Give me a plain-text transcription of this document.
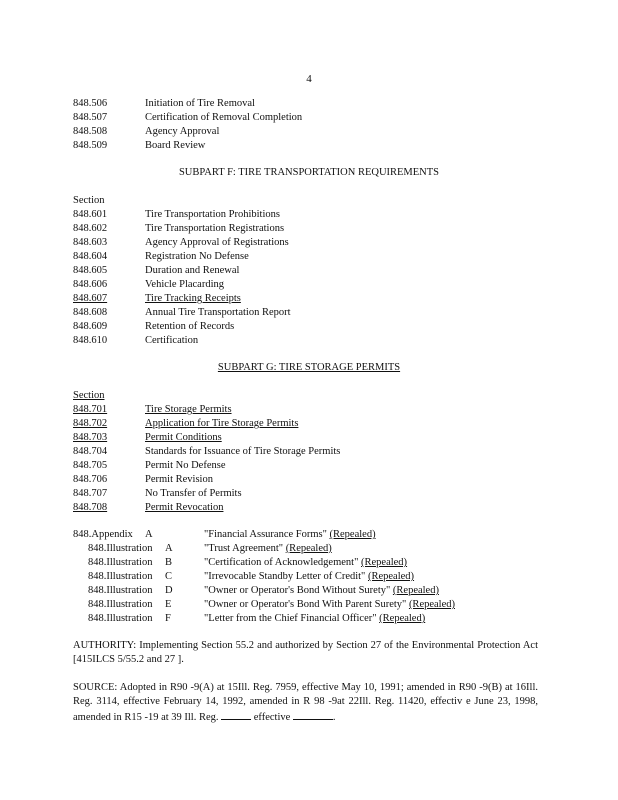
4
848.506	Initiation of Tire Removal
848.507	Certification of Removal Completion
848.508	Agency Approval
848.509	Board Review
SUBPART F: TIRE TRANSPORTATION REQUIREMENTS
Section
848.601	Tire Transportation Prohibitions
848.602	Tire Transportation Registrations
848.603	Agency Approval of Registrations
848.604	Registration No Defense
848.605	Duration and Renewal
848.606	Vehicle Placarding
848.607	Tire Tracking Receipts
848.608	Annual Tire Transportation Report
848.609	Retention of Records
848.610	Certification
SUBPART G: TIRE STORAGE PERMITS
Section
848.701	Tire Storage Permits
848.702	Application for Tire Storage Permits
848.703	Permit Conditions
848.704	Standards for Issuance of Tire Storage Permits
848.705	Permit No Defense
848.706	Permit Revision
848.707	No Transfer of Permits
848.708	Permit Revocation
848.Appendix A	"Financial Assurance Forms" (Repealed)
848.Illustration A	"Trust Agreement" (Repealed)
848.Illustration B	"Certification of Acknowledgement" (Repealed)
848.Illustration C	"Irrevocable Standby Letter of Credit" (Repealed)
848.Illustration D	"Owner or Operator's Bond Without Surety" (Repealed)
848.Illustration E	"Owner or Operator's Bond With Parent Surety" (Repealed)
848.Illustration F	"Letter from the Chief Financial Officer" (Repealed)
AUTHORITY: Implementing Section 55.2 and authorized by Section 27 of the Environmental Protection Act [415ILCS 5/55.2 and 27 ].
SOURCE: Adopted in R90 -9(A) at 15Ill. Reg. 7959, effective May 10, 1991; amended in R90 -9(B) at 16Ill. Reg. 3114, effective February 14, 1992, amended in R 98 -9at 22Ill. Reg. 11420, effectiv e June 23, 1998, amended in R15 -19 at 39 Ill. Reg.	effective	.
